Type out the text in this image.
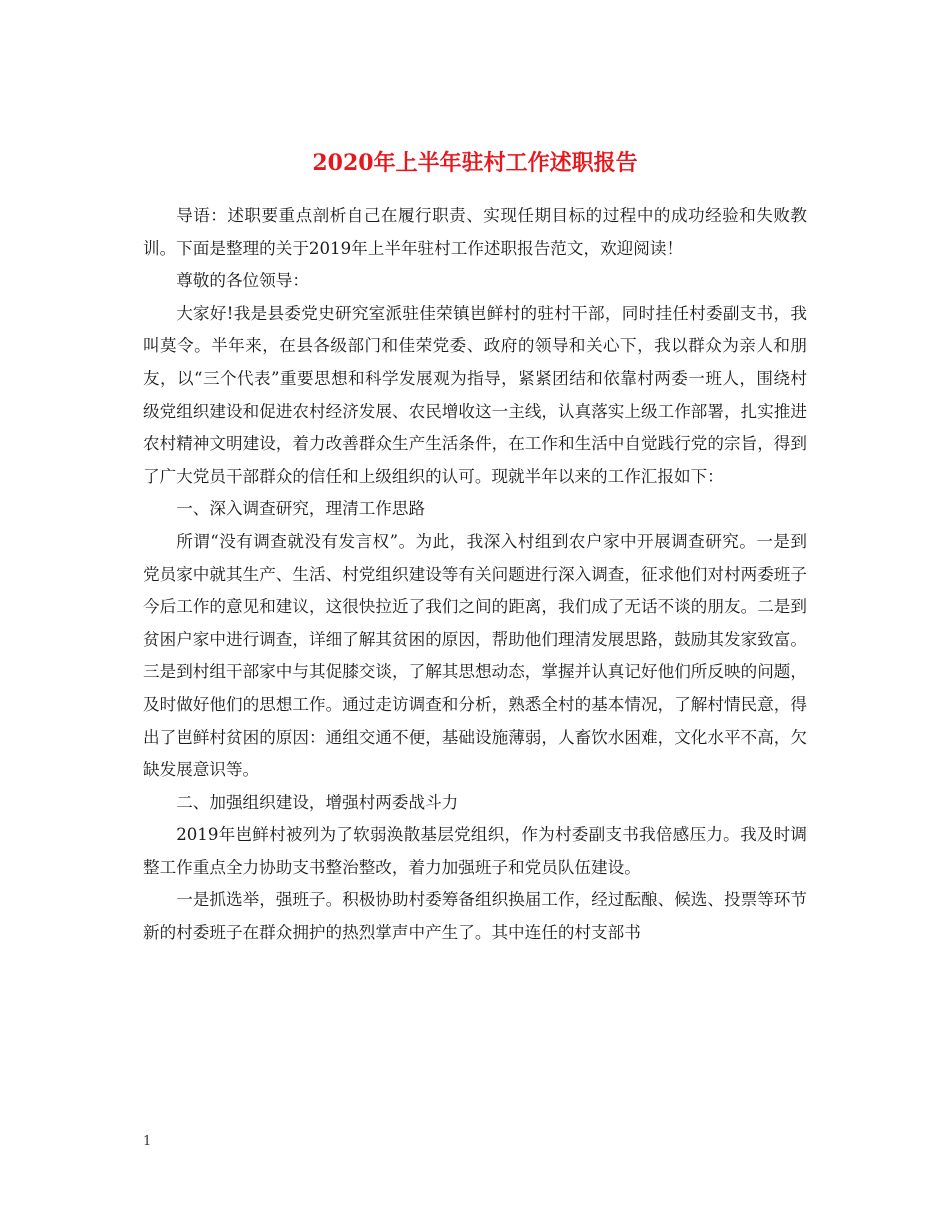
2020年上半年驻村工作述职报告

导语：述职要重点剖析自己在履行职责、实现任期目标的过程中的成功经验和失败教训。下面是整理的关于2019年上半年驻村工作述职报告范文，欢迎阅读！

尊敬的各位领导：

大家好!我是县委党史研究室派驻佳荣镇岜鲜村的驻村干部，同时挂任村委副支书，我叫莫令。半年来，在县各级部门和佳荣党委、政府的领导和关心下，我以群众为亲人和朋友，以“三个代表”重要思想和科学发展观为指导，紧紧团结和依靠村两委一班人，围绕村级党组织建设和促进农村经济发展、农民增收这一主线，认真落实上级工作部署，扎实推进农村精神文明建设，着力改善群众生产生活条件，在工作和生活中自觉践行党的宗旨，得到了广大党员干部群众的信任和上级组织的认可。现就半年以来的工作汇报如下：

一、深入调查研究，理清工作思路

所谓“没有调查就没有发言权”。为此，我深入村组到农户家中开展调查研究。一是到党员家中就其生产、生活、村党组织建设等有关问题进行深入调查，征求他们对村两委班子今后工作的意见和建议，这很快拉近了我们之间的距离，我们成了无话不谈的朋友。二是到贫困户家中进行调查，详细了解其贫困的原因，帮助他们理清发展思路，鼓励其发家致富。三是到村组干部家中与其促膝交谈，了解其思想动态，掌握并认真记好他们所反映的问题，及时做好他们的思想工作。通过走访调查和分析，熟悉全村的基本情况，了解村情民意，得出了岜鲜村贫困的原因：通组交通不便，基础设施薄弱，人畜饮水困难，文化水平不高，欠缺发展意识等。

二、加强组织建设，增强村两委战斗力

2019年岜鲜村被列为了软弱涣散基层党组织，作为村委副支书我倍感压力。我及时调整工作重点全力协助支书整治整改，着力加强班子和党员队伍建设。

一是抓选举，强班子。积极协助村委筹备组织换届工作，经过酝酿、候选、投票等环节新的村委班子在群众拥护的热烈掌声中产生了。其中连任的村支部书

1
